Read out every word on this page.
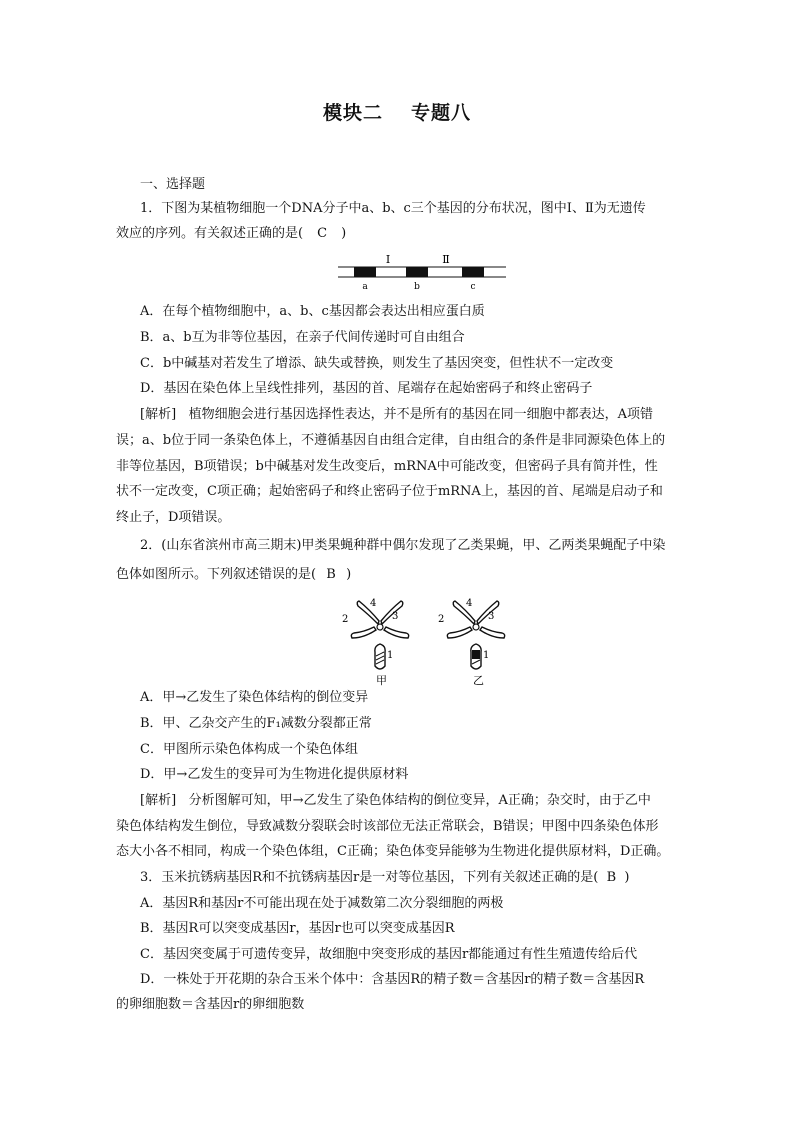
模块二 专题八
一、选择题
1．下图为某植物细胞一个DNA分子中a、b、c三个基因的分布状况，图中Ⅰ、Ⅱ为无遗传
效应的序列。有关叙述正确的是( C )
Ⅰ	Ⅱ
a	b	c
A．在每个植物细胞中，a、b、c基因都会表达出相应蛋白质
B．a、b互为非等位基因，在亲子代间传递时可自由组合
C．b中碱基对若发生了增添、缺失或替换，则发生了基因突变，但性状不一定改变
D．基因在染色体上呈线性排列，基因的首、尾端存在起始密码子和终止密码子
[解析] 植物细胞会进行基因选择性表达，并不是所有的基因在同一细胞中都表达，A项错
误；a、b位于同一条染色体上，不遵循基因自由组合定律，自由组合的条件是非同源染色体上的
非等位基因，B项错误；b中碱基对发生改变后，mRNA中可能改变，但密码子具有简并性，性
状不一定改变，C项正确；起始密码子和终止密码子位于mRNA上，基因的首、尾端是启动子和
终止子，D项错误。
2．(山东省滨州市高三期末)甲类果蝇种群中偶尔发现了乙类果蝇，甲、乙两类果蝇配子中染
色体如图所示。下列叙述错误的是( B )
2
4
3
1
2
4
3
1
甲	乙
A．甲→乙发生了染色体结构的倒位变异
B．甲、乙杂交产生的F₁减数分裂都正常
C．甲图所示染色体构成一个染色体组
D．甲→乙发生的变异可为生物进化提供原材料
[解析] 分析图解可知，甲→乙发生了染色体结构的倒位变异，A正确；杂交时，由于乙中
染色体结构发生倒位，导致减数分裂联会时该部位无法正常联会，B错误；甲图中四条染色体形
态大小各不相同，构成一个染色体组，C正确；染色体变异能够为生物进化提供原材料，D正确。
3．玉米抗锈病基因R和不抗锈病基因r是一对等位基因，下列有关叙述正确的是( B )
A．基因R和基因r不可能出现在处于减数第二次分裂细胞的两极
B．基因R可以突变成基因r，基因r也可以突变成基因R
C．基因突变属于可遗传变异，故细胞中突变形成的基因r都能通过有性生殖遗传给后代
D．一株处于开花期的杂合玉米个体中：含基因R的精子数＝含基因r的精子数＝含基因R
的卵细胞数＝含基因r的卵细胞数
